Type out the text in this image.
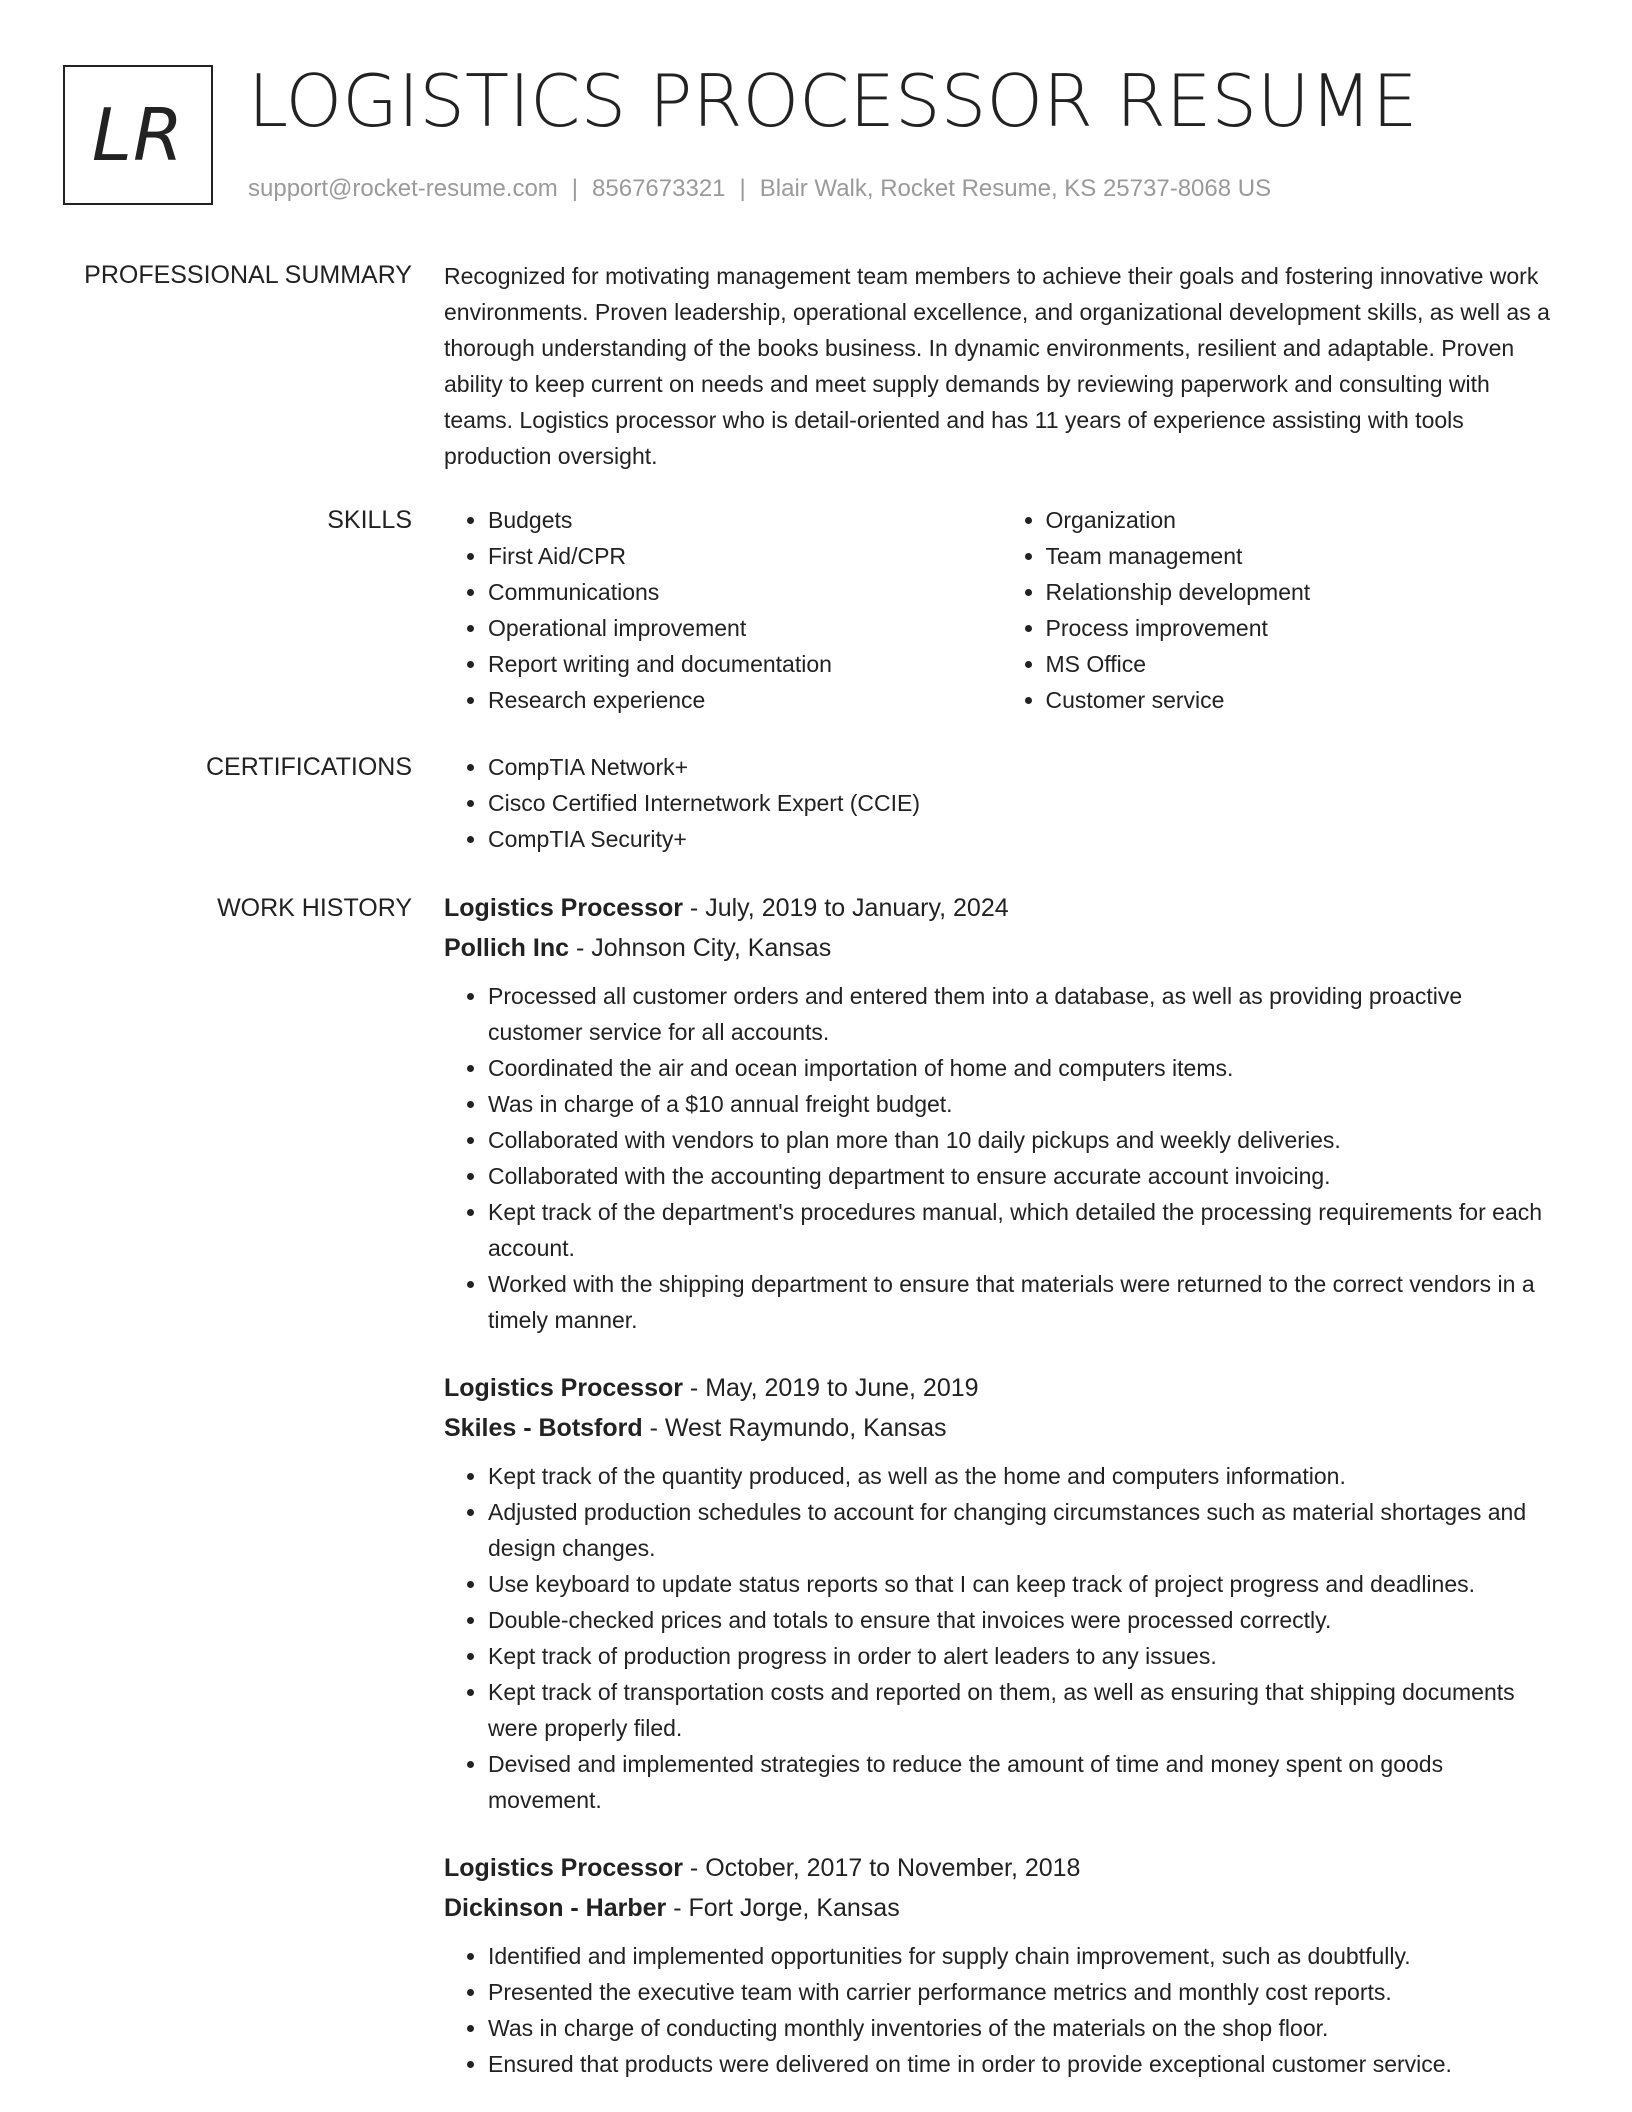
LR LOGISTICS PROCESSOR RESUME
support@rocket-resume.com | 8567673321 | Blair Walk, Rocket Resume, KS 25737-8068 US
PROFESSIONAL SUMMARY Recognized for motivating management team members to achieve their goals and fostering innovative work environments. Proven leadership, operational excellence, and organizational development skills, as well as a thorough understanding of the books business. In dynamic environments, resilient and adaptable. Proven ability to keep current on needs and meet supply demands by reviewing paperwork and consulting with teams. Logistics processor who is detail-oriented and has 11 years of experience assisting with tools production oversight.
SKILLS	• Budgets
• First Aid/CPR
• Communications
• Operational improvement
• Report writing and documentation
• Research experience
• Organization
• Team management
• Relationship development
• Process improvement
• MS Office
• Customer service
CERTIFICATIONS	• CompTIA Network+
• Cisco Certified Internetwork Expert (CCIE)
• CompTIA Security+
WORK HISTORY Logistics Processor - July, 2019 to January, 2024
Pollich Inc - Johnson City, Kansas
• Processed all customer orders and entered them into a database, as well as providing proactive customer service for all accounts.
• Coordinated the air and ocean importation of home and computers items.
• Was in charge of a $10 annual freight budget.
• Collaborated with vendors to plan more than 10 daily pickups and weekly deliveries.
• Collaborated with the accounting department to ensure accurate account invoicing.
• Kept track of the department's procedures manual, which detailed the processing requirements for each account.
• Worked with the shipping department to ensure that materials were returned to the correct vendors in a timely manner.
Logistics Processor - May, 2019 to June, 2019
Skiles - Botsford - West Raymundo, Kansas
• Kept track of the quantity produced, as well as the home and computers information.
• Adjusted production schedules to account for changing circumstances such as material shortages and design changes.
• Use keyboard to update status reports so that I can keep track of project progress and deadlines.
• Double-checked prices and totals to ensure that invoices were processed correctly.
• Kept track of production progress in order to alert leaders to any issues.
• Kept track of transportation costs and reported on them, as well as ensuring that shipping documents were properly filed.
• Devised and implemented strategies to reduce the amount of time and money spent on goods movement.
Logistics Processor - October, 2017 to November, 2018
Dickinson - Harber - Fort Jorge, Kansas
• Identified and implemented opportunities for supply chain improvement, such as doubtfully.
• Presented the executive team with carrier performance metrics and monthly cost reports.
• Was in charge of conducting monthly inventories of the materials on the shop floor.
• Ensured that products were delivered on time in order to provide exceptional customer service.
